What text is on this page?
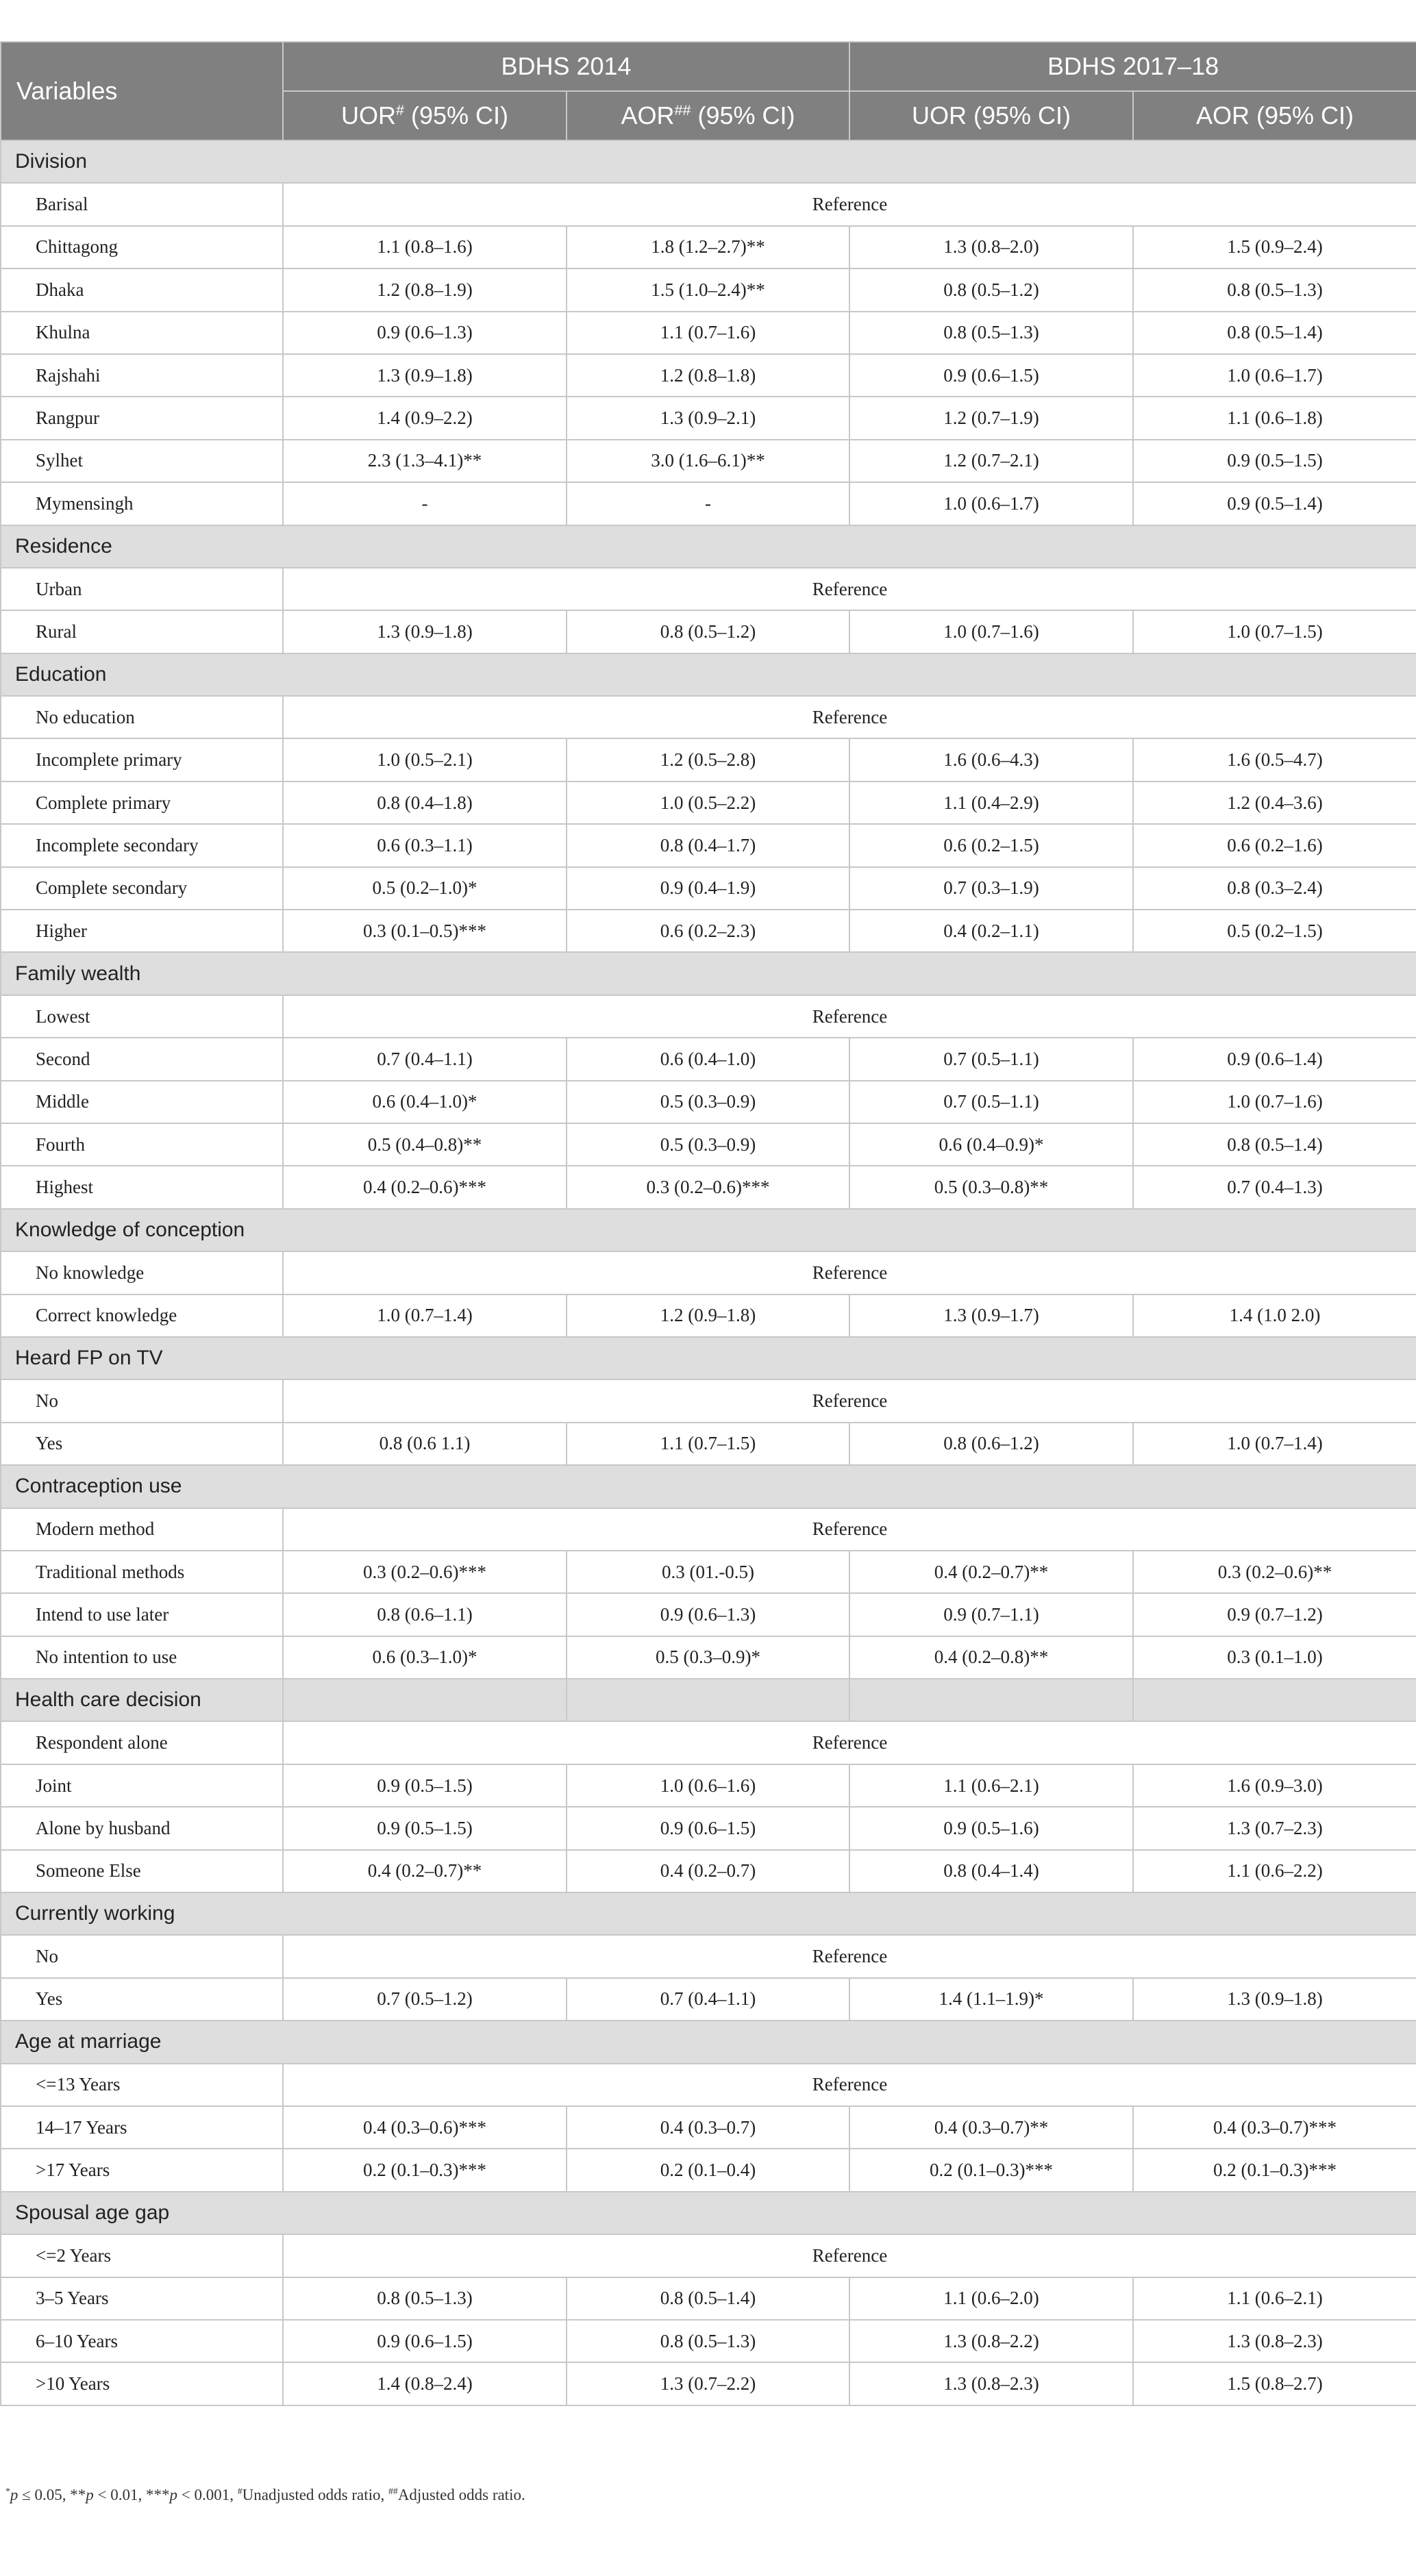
Variables	BDHS 2014		BDHS 2017–18	
	UOR# (95% CI)	AOR## (95% CI)	UOR (95% CI)	AOR (95% CI)
Division				
Barisal	Reference			
Chittagong	1.1 (0.8–1.6)	1.8 (1.2–2.7)**	1.3 (0.8–2.0)	1.5 (0.9–2.4)
Dhaka	1.2 (0.8–1.9)	1.5 (1.0–2.4)**	0.8 (0.5–1.2)	0.8 (0.5–1.3)
Khulna	0.9 (0.6–1.3)	1.1 (0.7–1.6)	0.8 (0.5–1.3)	0.8 (0.5–1.4)
Rajshahi	1.3 (0.9–1.8)	1.2 (0.8–1.8)	0.9 (0.6–1.5)	1.0 (0.6–1.7)
Rangpur	1.4 (0.9–2.2)	1.3 (0.9–2.1)	1.2 (0.7–1.9)	1.1 (0.6–1.8)
Sylhet	2.3 (1.3–4.1)**	3.0 (1.6–6.1)**	1.2 (0.7–2.1)	0.9 (0.5–1.5)
Mymensingh	-	-	1.0 (0.6–1.7)	0.9 (0.5–1.4)
Residence				
Urban	Reference			
Rural	1.3 (0.9–1.8)	0.8 (0.5–1.2)	1.0 (0.7–1.6)	1.0 (0.7–1.5)
Education				
No education	Reference			
Incomplete primary	1.0 (0.5–2.1)	1.2 (0.5–2.8)	1.6 (0.6–4.3)	1.6 (0.5–4.7)
Complete primary	0.8 (0.4–1.8)	1.0 (0.5–2.2)	1.1 (0.4–2.9)	1.2 (0.4–3.6)
Incomplete secondary	0.6 (0.3–1.1)	0.8 (0.4–1.7)	0.6 (0.2–1.5)	0.6 (0.2–1.6)
Complete secondary	0.5 (0.2–1.0)*	0.9 (0.4–1.9)	0.7 (0.3–1.9)	0.8 (0.3–2.4)
Higher	0.3 (0.1–0.5)***	0.6 (0.2–2.3)	0.4 (0.2–1.1)	0.5 (0.2–1.5)
Family wealth				
Lowest	Reference			
Second	0.7 (0.4–1.1)	0.6 (0.4–1.0)	0.7 (0.5–1.1)	0.9 (0.6–1.4)
Middle	0.6 (0.4–1.0)*	0.5 (0.3–0.9)	0.7 (0.5–1.1)	1.0 (0.7–1.6)
Fourth	0.5 (0.4–0.8)**	0.5 (0.3–0.9)	0.6 (0.4–0.9)*	0.8 (0.5–1.4)
Highest	0.4 (0.2–0.6)***	0.3 (0.2–0.6)***	0.5 (0.3–0.8)**	0.7 (0.4–1.3)
Knowledge of conception				
No knowledge	Reference			
Correct knowledge	1.0 (0.7–1.4)	1.2 (0.9–1.8)	1.3 (0.9–1.7)	1.4 (1.0 2.0)
Heard FP on TV				
No	Reference			
Yes	0.8 (0.6 1.1)	1.1 (0.7–1.5)	0.8 (0.6–1.2)	1.0 (0.7–1.4)
Contraception use				
Modern method	Reference			
Traditional methods	0.3 (0.2–0.6)***	0.3 (01.-0.5)	0.4 (0.2–0.7)**	0.3 (0.2–0.6)**
Intend to use later	0.8 (0.6–1.1)	0.9 (0.6–1.3)	0.9 (0.7–1.1)	0.9 (0.7–1.2)
No intention to use	0.6 (0.3–1.0)*	0.5 (0.3–0.9)*	0.4 (0.2–0.8)**	0.3 (0.1–1.0)
Health care decision				
Respondent alone	Reference			
Joint	0.9 (0.5–1.5)	1.0 (0.6–1.6)	1.1 (0.6–2.1)	1.6 (0.9–3.0)
Alone by husband	0.9 (0.5–1.5)	0.9 (0.6–1.5)	0.9 (0.5–1.6)	1.3 (0.7–2.3)
Someone Else	0.4 (0.2–0.7)**	0.4 (0.2–0.7)	0.8 (0.4–1.4)	1.1 (0.6–2.2)
Currently working				
No	Reference			
Yes	0.7 (0.5–1.2)	0.7 (0.4–1.1)	1.4 (1.1–1.9)*	1.3 (0.9–1.8)
Age at marriage				
<=13 Years	Reference			
14–17 Years	0.4 (0.3–0.6)***	0.4 (0.3–0.7)	0.4 (0.3–0.7)**	0.4 (0.3–0.7)***
>17 Years	0.2 (0.1–0.3)***	0.2 (0.1–0.4)	0.2 (0.1–0.3)***	0.2 (0.1–0.3)***
Spousal age gap				
<=2 Years	Reference			
3–5 Years	0.8 (0.5–1.3)	0.8 (0.5–1.4)	1.1 (0.6–2.0)	1.1 (0.6–2.1)
6–10 Years	0.9 (0.6–1.5)	0.8 (0.5–1.3)	1.3 (0.8–2.2)	1.3 (0.8–2.3)
>10 Years	1.4 (0.8–2.4)	1.3 (0.7–2.2)	1.3 (0.8–2.3)	1.5 (0.8–2.7)
*p ≤ 0.05, **p < 0.01, ***p < 0.001, #Unadjusted odds ratio, ##Adjusted odds ratio.
